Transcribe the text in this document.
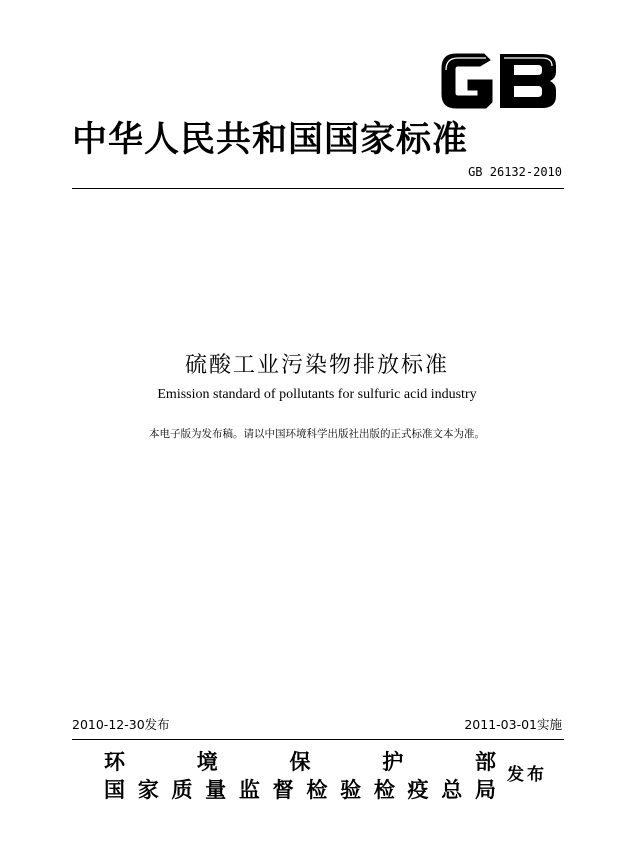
中华人民共和国国家标准
GB 26132-2010
硫酸工业污染物排放标准
Emission standard of pollutants for sulfuric acid industry
本电子版为发布稿。请以中国环境科学出版社出版的正式标准文本为准。
2010-12-30发布	2011-03-01实施
环 境 保 护 部
国 家 质 量 监 督 检 验 检 疫 总 局
发布
